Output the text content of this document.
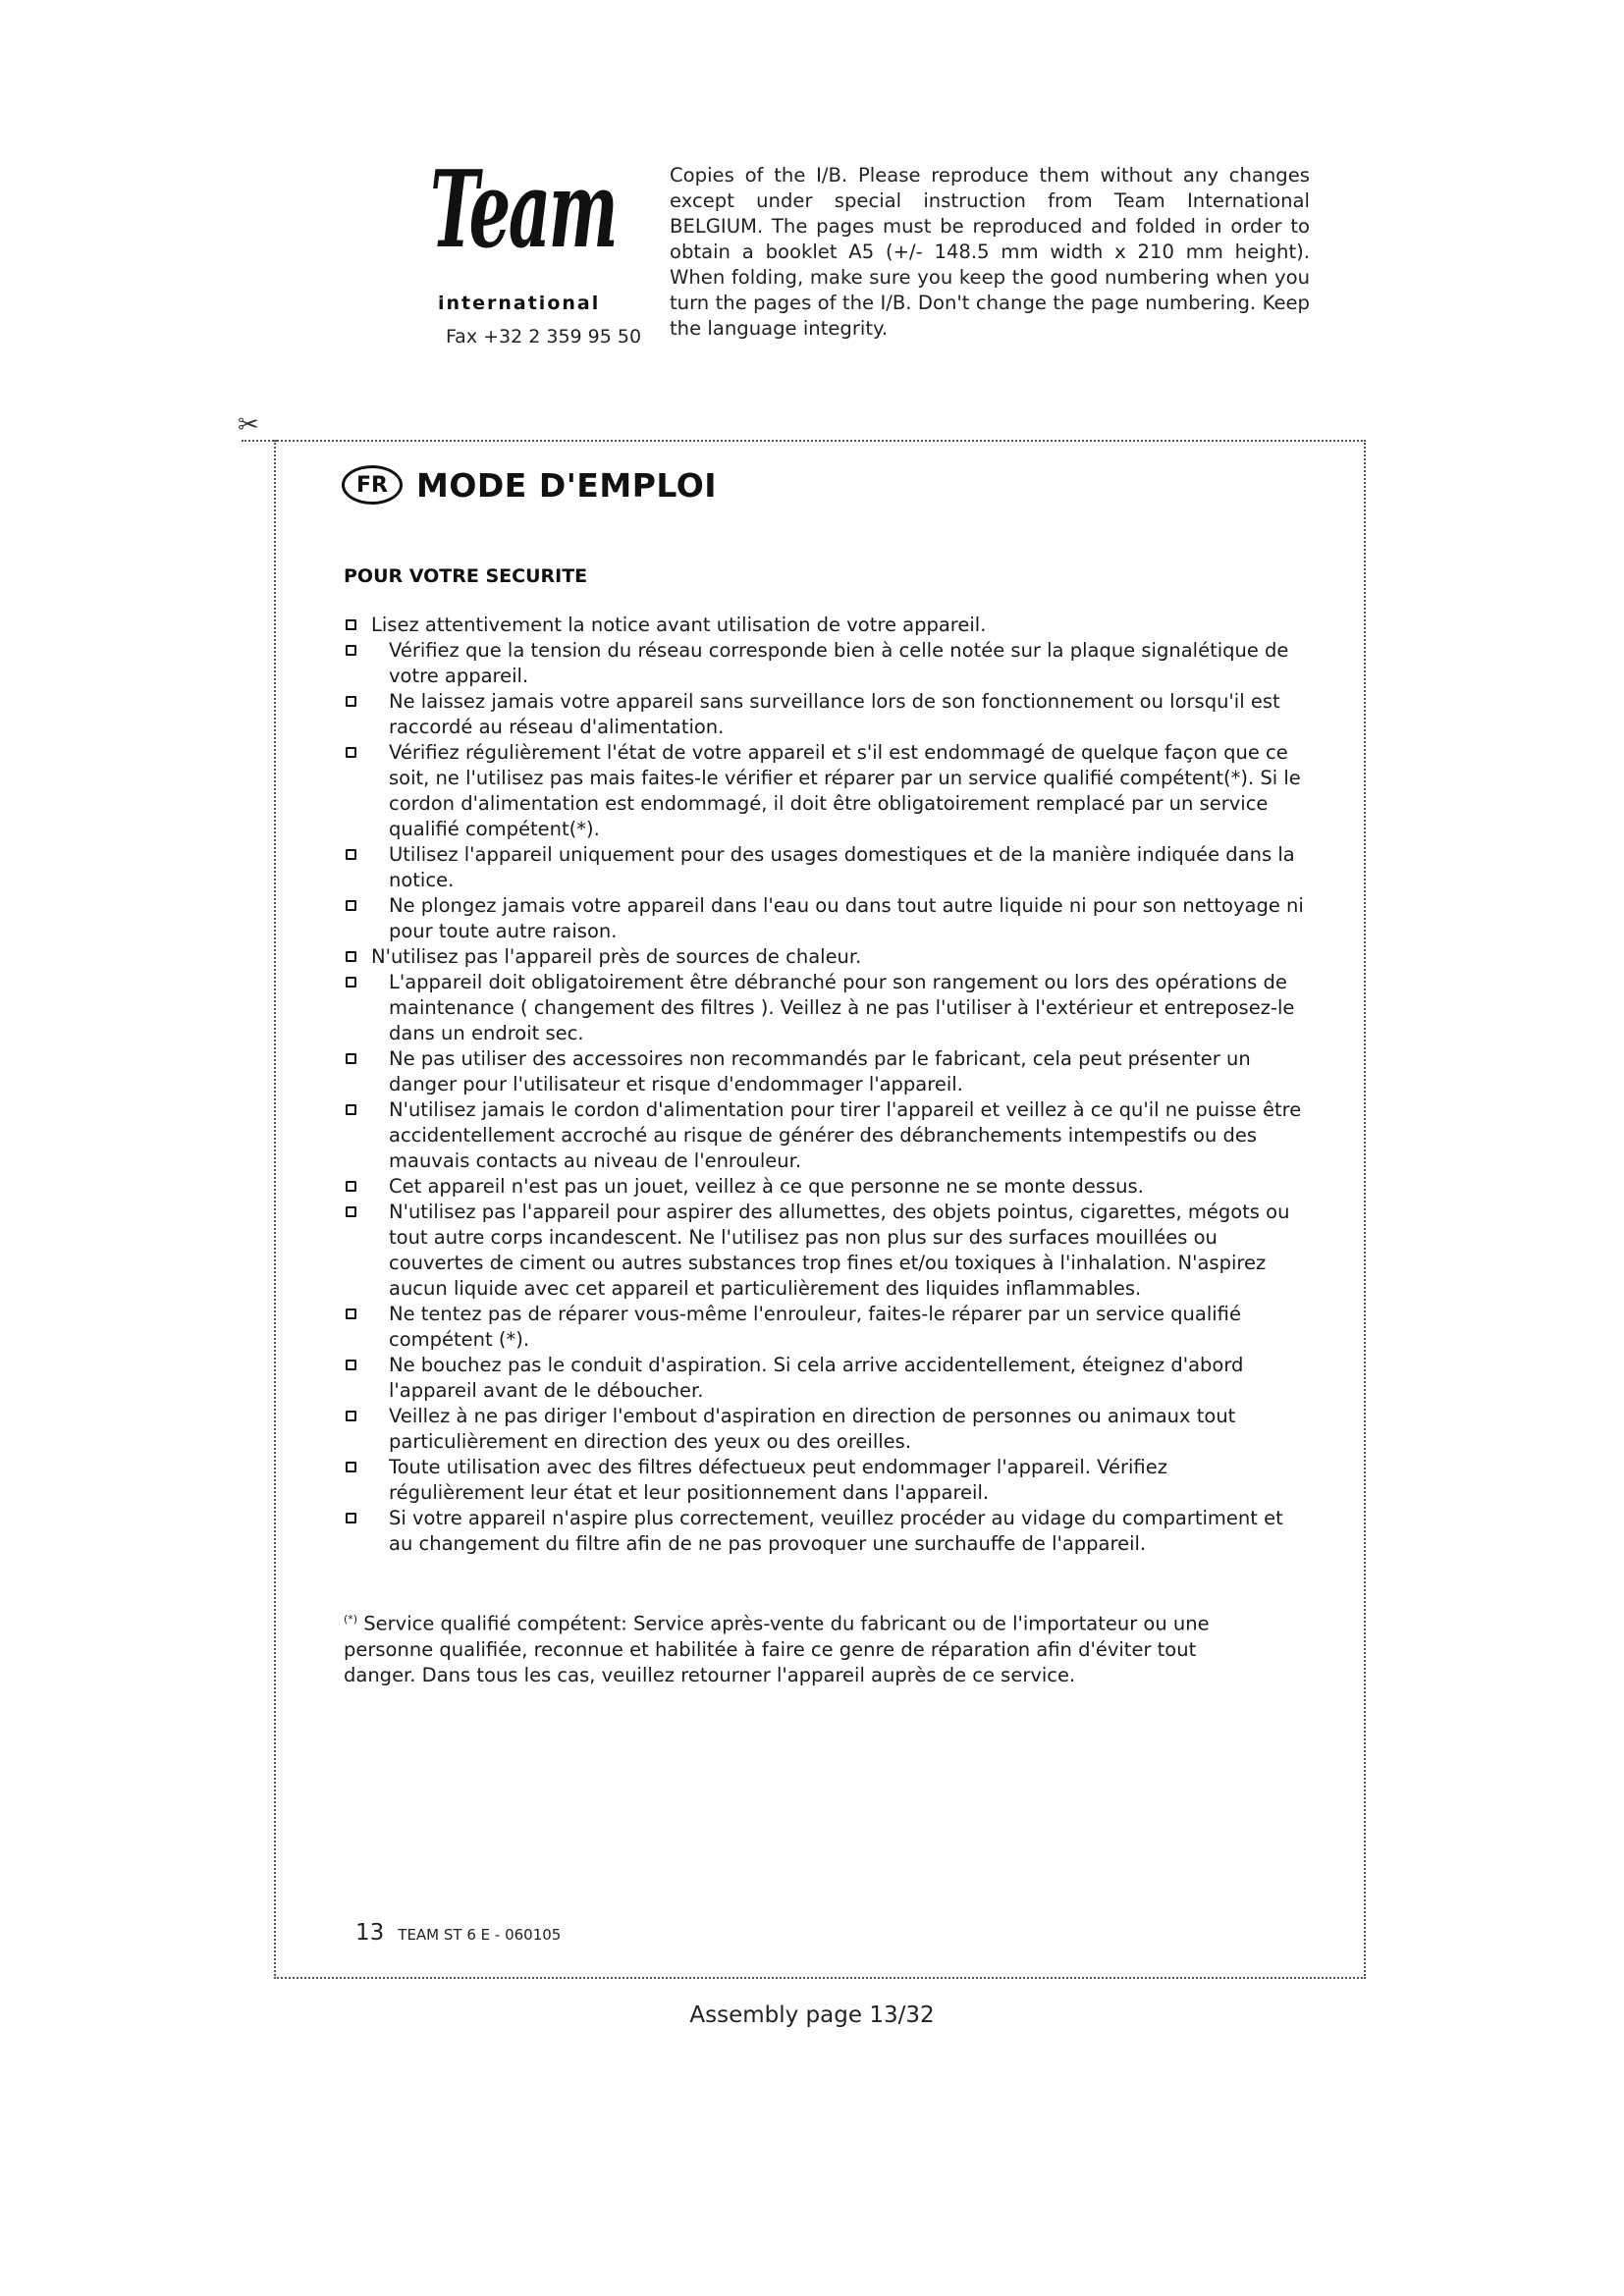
Team
international
Fax +32 2 359 95 50
Copies of the I/B. Please reproduce them without any changes except under special instruction from Team International BELGIUM. The pages must be reproduced and folded in order to obtain a booklet A5 (+/- 148.5 mm width x 210 mm height). When folding, make sure you keep the good numbering when you turn the pages of the I/B. Don't change the page numbering. Keep the language integrity.
✂
FR MODE D'EMPLOI
POUR VOTRE SECURITE
Lisez attentivement la notice avant utilisation de votre appareil.
Vérifiez que la tension du réseau corresponde bien à celle notée sur la plaque signalétique de votre appareil.
Ne laissez jamais votre appareil sans surveillance lors de son fonctionnement ou lorsqu'il est raccordé au réseau d'alimentation.
Vérifiez régulièrement l'état de votre appareil et s'il est endommagé de quelque façon que ce soit, ne l'utilisez pas mais faites-le vérifier et réparer par un service qualifié compétent(*). Si le cordon d'alimentation est endommagé, il doit être obligatoirement remplacé par un service qualifié compétent(*).
Utilisez l'appareil uniquement pour des usages domestiques et de la manière indiquée dans la notice.
Ne plongez jamais votre appareil dans l'eau ou dans tout autre liquide ni pour son nettoyage ni pour toute autre raison.
N'utilisez pas l'appareil près de sources de chaleur.
L'appareil doit obligatoirement être débranché pour son rangement ou lors des opérations de maintenance ( changement des filtres ). Veillez à ne pas l'utiliser à l'extérieur et entreposez-le dans un endroit sec.
Ne pas utiliser des accessoires non recommandés par le fabricant, cela peut présenter un danger pour l'utilisateur et risque d'endommager l'appareil.
N'utilisez jamais le cordon d'alimentation pour tirer l'appareil et veillez à ce qu'il ne puisse être accidentellement accroché au risque de générer des débranchements intempestifs ou des mauvais contacts au niveau de l'enrouleur.
Cet appareil n'est pas un jouet, veillez à ce que personne ne se monte dessus.
N'utilisez pas l'appareil pour aspirer des allumettes, des objets pointus, cigarettes, mégots ou tout autre corps incandescent. Ne l'utilisez pas non plus sur des surfaces mouillées ou couvertes de ciment ou autres substances trop fines et/ou toxiques à l'inhalation. N'aspirez aucun liquide avec cet appareil et particulièrement des liquides inflammables.
Ne tentez pas de réparer vous-même l'enrouleur, faites-le réparer par un service qualifié compétent (*).
Ne bouchez pas le conduit d'aspiration. Si cela arrive accidentellement, éteignez d'abord l'appareil avant de le déboucher.
Veillez à ne pas diriger l'embout d'aspiration en direction de personnes ou animaux tout particulièrement en direction des yeux ou des oreilles.
Toute utilisation avec des filtres défectueux peut endommager l'appareil. Vérifiez régulièrement leur état et leur positionnement dans l'appareil.
Si votre appareil n'aspire plus correctement, veuillez procéder au vidage du compartiment et au changement du filtre afin de ne pas provoquer une surchauffe de l'appareil.
(*) Service qualifié compétent: Service après-vente du fabricant ou de l'importateur ou une personne qualifiée, reconnue et habilitée à faire ce genre de réparation afin d'éviter tout danger. Dans tous les cas, veuillez retourner l'appareil auprès de ce service.
13 TEAM ST 6 E - 060105
Assembly page 13/32
